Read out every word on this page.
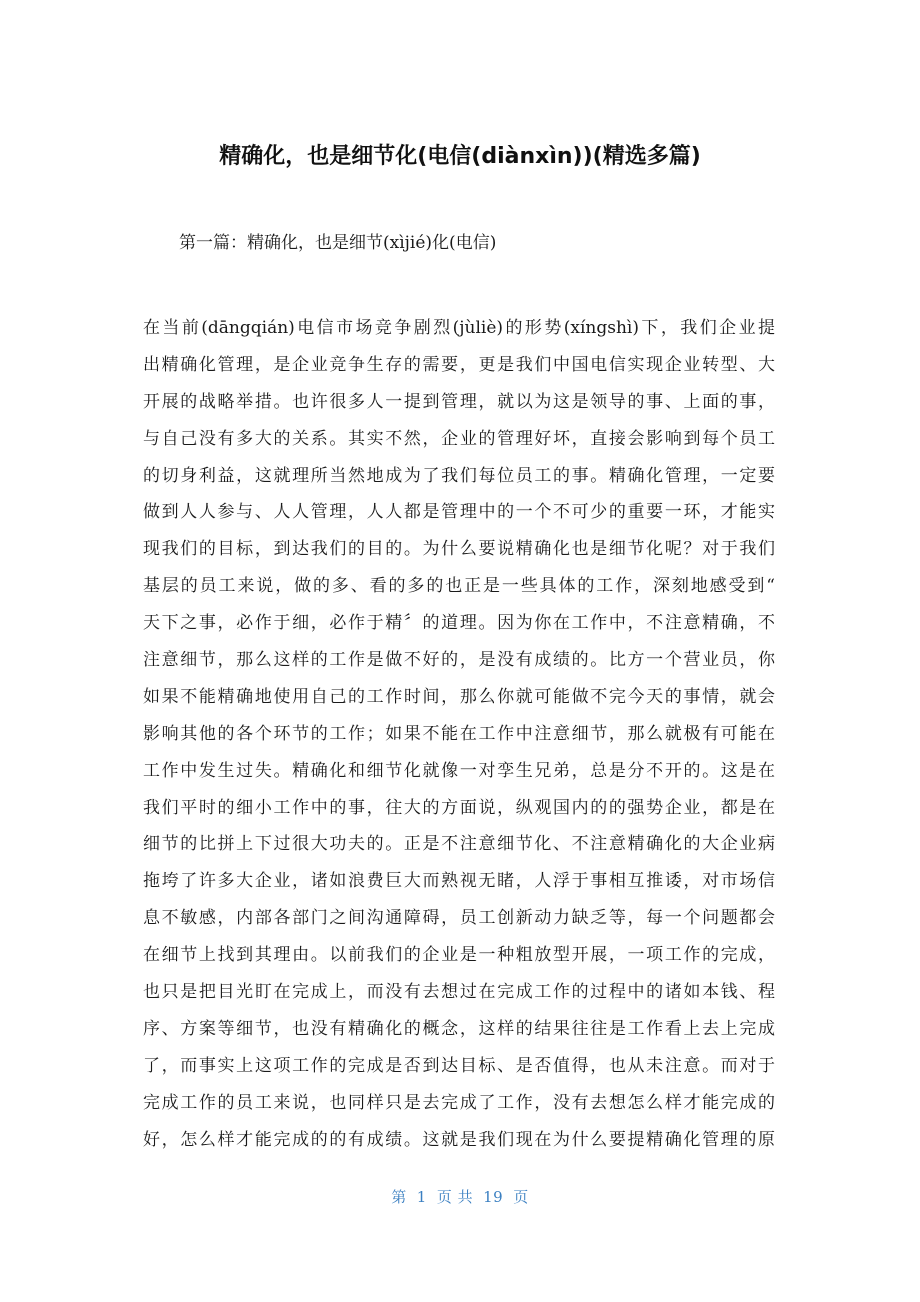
精确化，也是细节化(电信(diànxìn))(精选多篇)
第一篇：精确化，也是细节(xìjié)化(电信)
在当前(dāngqián)电信市场竞争剧烈(jùliè)的形势(xíngshì)下，我们企业提
出精确化管理，是企业竞争生存的需要，更是我们中国电信实现企业转型、大
开展的战略举措。也许很多人一提到管理，就以为这是领导的事、上面的事，
与自己没有多大的关系。其实不然，企业的管理好坏，直接会影响到每个员工
的切身利益，这就理所当然地成为了我们每位员工的事。精确化管理，一定要
做到人人参与、人人管理，人人都是管理中的一个不可少的重要一环，才能实
现我们的目标，到达我们的目的。为什么要说精确化也是细节化呢？对于我们
基层的员工来说，做的多、看的多的也正是一些具体的工作，深刻地感受到“
天下之事，必作于细，必作于精〞的道理。因为你在工作中，不注意精确，不
注意细节，那么这样的工作是做不好的，是没有成绩的。比方一个营业员，你
如果不能精确地使用自己的工作时间，那么你就可能做不完今天的事情，就会
影响其他的各个环节的工作；如果不能在工作中注意细节，那么就极有可能在
工作中发生过失。精确化和细节化就像一对孪生兄弟，总是分不开的。这是在
我们平时的细小工作中的事，往大的方面说，纵观国内的的强势企业，都是在
细节的比拼上下过很大功夫的。正是不注意细节化、不注意精确化的大企业病
拖垮了许多大企业，诸如浪费巨大而熟视无睹，人浮于事相互推诿，对市场信
息不敏感，内部各部门之间沟通障碍，员工创新动力缺乏等，每一个问题都会
在细节上找到其理由。以前我们的企业是一种粗放型开展，一项工作的完成，
也只是把目光盯在完成上，而没有去想过在完成工作的过程中的诸如本钱、程
序、方案等细节，也没有精确化的概念，这样的结果往往是工作看上去上完成
了，而事实上这项工作的完成是否到达目标、是否值得，也从未注意。而对于
完成工作的员工来说，也同样只是去完成了工作，没有去想怎么样才能完成的
好，怎么样才能完成的的有成绩。这就是我们现在为什么要提精确化管理的原
第 1 页 共 19 页
